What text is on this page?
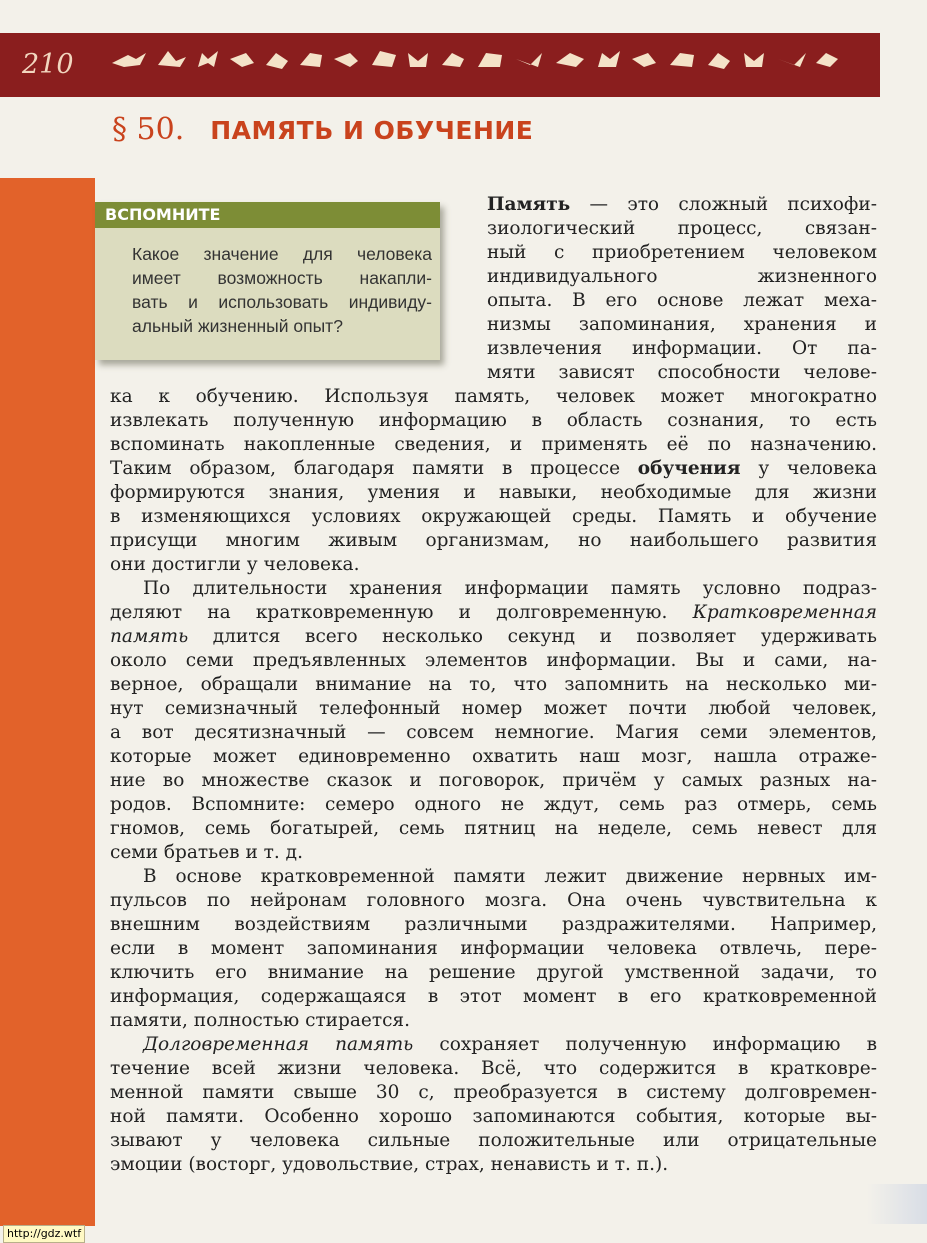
210
§ 50. ПАМЯТЬ И ОБУЧЕНИЕ
ВСПОМНИТЕ
Какое значение для человека
имеет возможность накапли-
вать и использовать индивиду-
альный жизненный опыт?
Память — это сложный психофи-
зиологический процесс, связан-
ный с приобретением человеком
индивидуального жизненного
опыта. В его основе лежат меха-
низмы запоминания, хранения и
извлечения информации. От па-
мяти зависят способности челове-

ка к обучению. Используя память, человек может многократно
извлекать полученную информацию в область сознания, то есть
вспоминать накопленные сведения, и применять её по назначению.
Таким образом, благодаря памяти в процессе обучения у человека
формируются знания, умения и навыки, необходимые для жизни
в изменяющихся условиях окружающей среды. Память и обучение
присущи многим живым организмам, но наибольшего развития
они достигли у человека.

По длительности хранения информации память условно подраз-
деляют на кратковременную и долговременную. Кратковременная
память длится всего несколько секунд и позволяет удерживать
около семи предъявленных элементов информации. Вы и сами, на-
верное, обращали внимание на то, что запомнить на несколько ми-
нут семизначный телефонный номер может почти любой человек,
а вот десятизначный — совсем немногие. Магия семи элементов,
которые может единовременно охватить наш мозг, нашла отраже-
ние во множестве сказок и поговорок, причём у самых разных на-
родов. Вспомните: семеро одного не ждут, семь раз отмерь, семь
гномов, семь богатырей, семь пятниц на неделе, семь невест для
семи братьев и т. д.

В основе кратковременной памяти лежит движение нервных им-
пульсов по нейронам головного мозга. Она очень чувствительна к
внешним воздействиям различными раздражителями. Например,
если в момент запоминания информации человека отвлечь, пере-
ключить его внимание на решение другой умственной задачи, то
информация, содержащаяся в этот момент в его кратковременной
памяти, полностью стирается.

Долговременная память сохраняет полученную информацию в
течение всей жизни человека. Всё, что содержится в кратковре-
менной памяти свыше 30 с, преобразуется в систему долговремен-
ной памяти. Особенно хорошо запоминаются события, которые вы-
зывают у человека сильные положительные или отрицательные
эмоции (восторг, удовольствие, страх, ненависть и т. п.).

http://gdz.wtf
